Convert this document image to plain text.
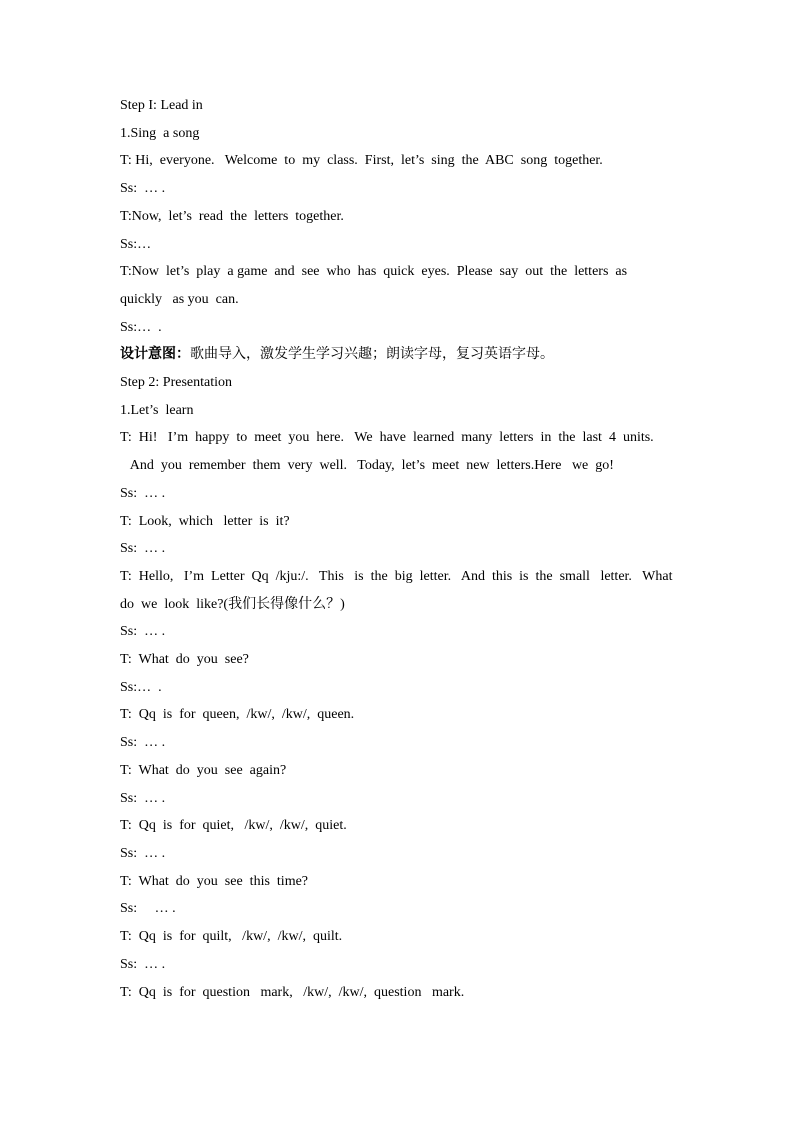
Step I: Lead in

1.Sing  a song

T: Hi,  everyone.   Welcome  to  my  class.  First,  let’s  sing  the  ABC  song  together.

Ss:  … .

T:Now,  let’s  read  the  letters  together.

Ss:…

T:Now  let’s  play  a game  and  see  who  has  quick  eyes.  Please  say  out  the  letters  as

quickly   as you  can.

Ss:…  .

设计意图：歌曲导入，激发学生学习兴趣；朗读字母，复习英语字母。

Step 2: Presentation

1.Let’s  learn

T:  Hi!   I’m  happy  to  meet  you  here.   We  have  learned  many  letters  in  the  last  4  units.

And  you  remember  them  very  well.   Today,  let’s  meet  new  letters.Here   we  go!

Ss:  … .

T:  Look,  which   letter  is  it?

Ss:  … .

T:  Hello,   I’m  Letter  Qq  /kju:/.   This   is  the  big  letter.   And  this  is  the  small   letter.   What

do  we  look  like?(我们长得像什么？)

Ss:  … .

T:  What  do  you  see?

Ss:…  .

T:  Qq  is  for  queen,  /kw/,  /kw/,  queen.

Ss:  … .

T:  What  do  you  see  again?

Ss:  … .

T:  Qq  is  for  quiet,   /kw/,  /kw/,  quiet.

Ss:  … .

T:  What  do  you  see  this  time?

Ss:     … .

T:  Qq  is  for  quilt,   /kw/,  /kw/,  quilt.

Ss:  … .

T:  Qq  is  for  question   mark,   /kw/,  /kw/,  question   mark.
